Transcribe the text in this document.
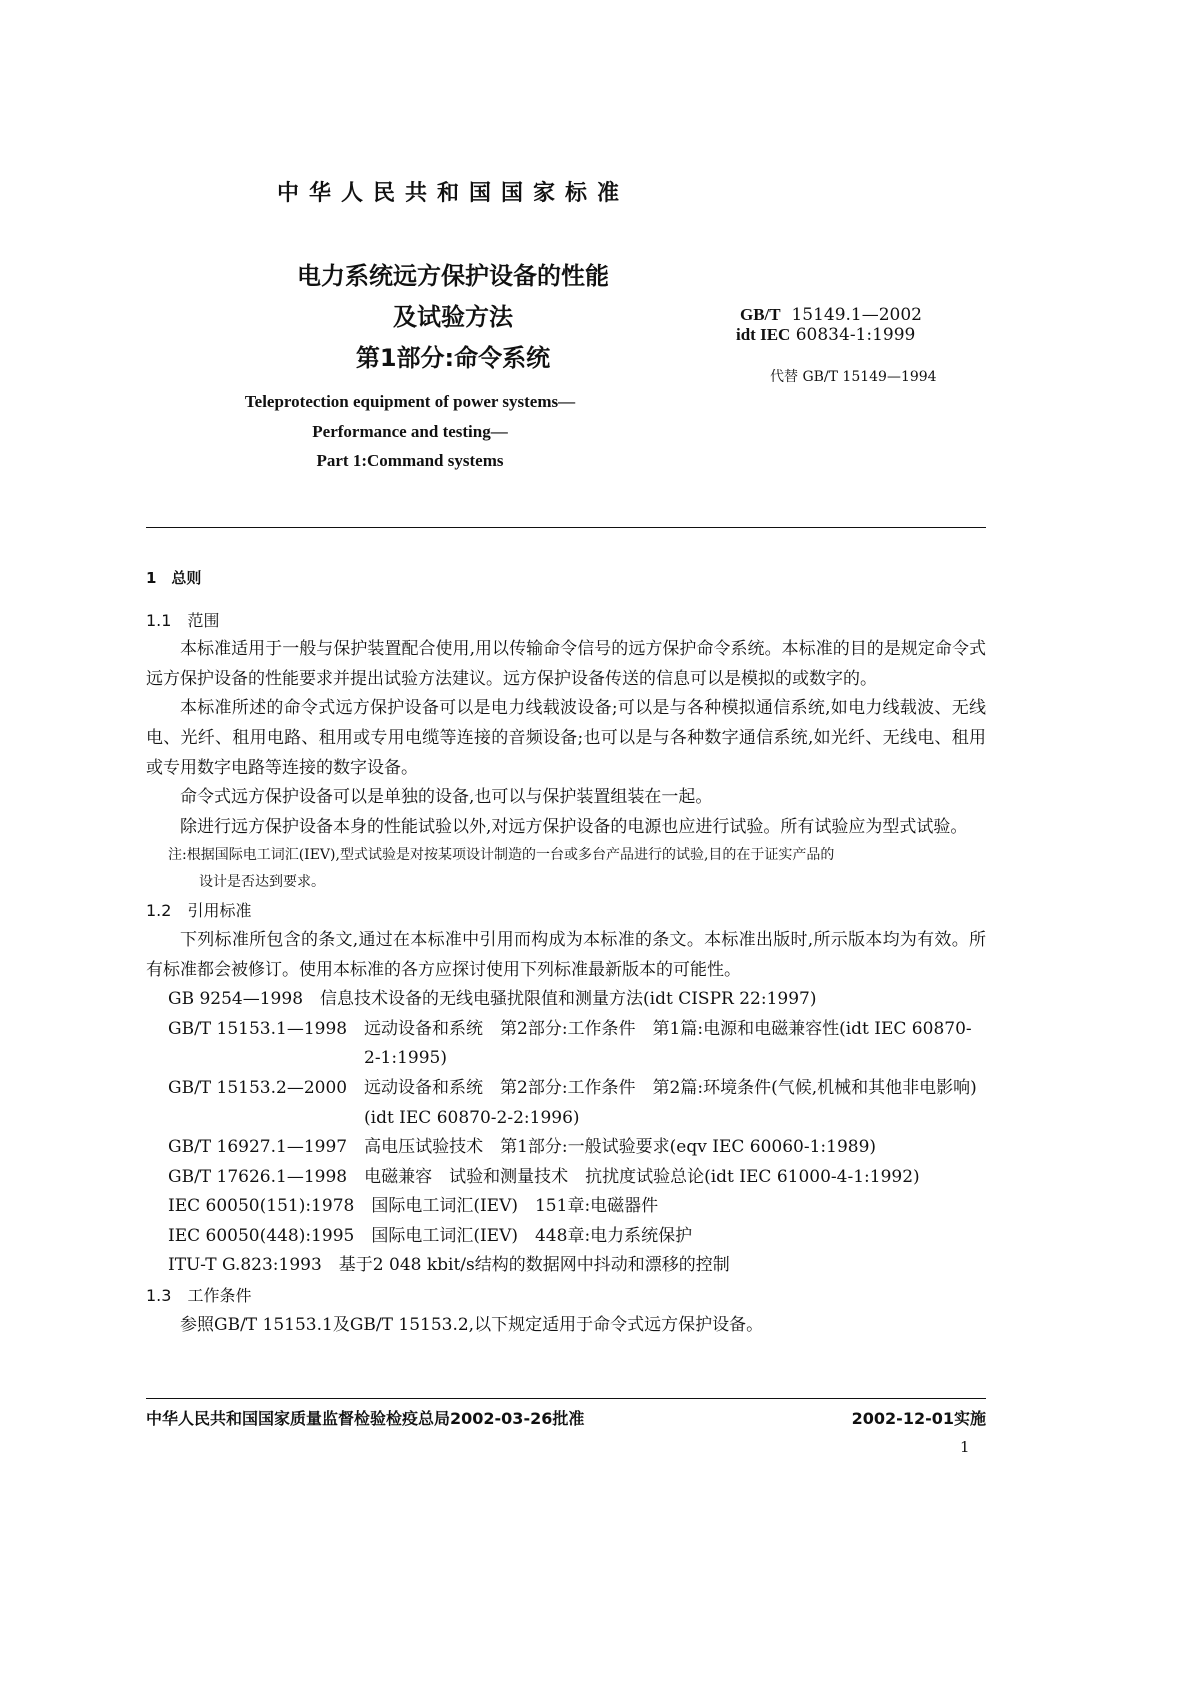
中华人民共和国国家标准
电力系统远方保护设备的性能
及试验方法
第1部分:命令系统
GB/T 15149.1—2002
idt IEC 60834-1:1999
代替 GB/T 15149—1994
Teleprotection equipment of power systems—
Performance and testing—
Part 1:Command systems

1　总则

1.1　范围

本标准适用于一般与保护装置配合使用,用以传输命令信号的远方保护命令系统。本标准的目的是规定命令式远方保护设备的性能要求并提出试验方法建议。远方保护设备传送的信息可以是模拟的或数字的。

本标准所述的命令式远方保护设备可以是电力线载波设备;可以是与各种模拟通信系统,如电力线载波、无线电、光纤、租用电路、租用或专用电缆等连接的音频设备;也可以是与各种数字通信系统,如光纤、无线电、租用或专用数字电路等连接的数字设备。

命令式远方保护设备可以是单独的设备,也可以与保护装置组装在一起。

除进行远方保护设备本身的性能试验以外,对远方保护设备的电源也应进行试验。所有试验应为型式试验。

注:根据国际电工词汇(IEV),型式试验是对按某项设计制造的一台或多台产品进行的试验,目的在于证实产品的
设计是否达到要求。

1.2　引用标准

下列标准所包含的条文,通过在本标准中引用而构成为本标准的条文。本标准出版时,所示版本均为有效。所有标准都会被修订。使用本标准的各方应探讨使用下列标准最新版本的可能性。

GB 9254—1998　 信息技术设备的无线电骚扰限值和测量方法(idt CISPR 22:1997)
GB/T 15153.1—1998 远动设备和系统　第2部分:工作条件　第1篇:电源和电磁兼容性(idt IEC 60870-2-1:1995)
GB/T 15153.2—2000 远动设备和系统　第2部分:工作条件　第2篇:环境条件(气候,机械和其他非电影响)(idt IEC 60870-2-2:1996)
GB/T 16927.1—1997　 高电压试验技术　第1部分:一般试验要求(eqv IEC 60060-1:1989)
GB/T 17626.1—1998　 电磁兼容　试验和测量技术　抗扰度试验总论(idt IEC 61000-4-1:1992)
IEC 60050(151):1978　 国际电工词汇(IEV)　151章:电磁器件
IEC 60050(448):1995　 国际电工词汇(IEV)　448章:电力系统保护
ITU-T G.823:1993　 基于2 048 kbit/s结构的数据网中抖动和漂移的控制

1.3　工作条件

参照GB/T 15153.1及GB/T 15153.2,以下规定适用于命令式远方保护设备。

中华人民共和国国家质量监督检验检疫总局2002-03-26批准	2002-12-01实施
1
